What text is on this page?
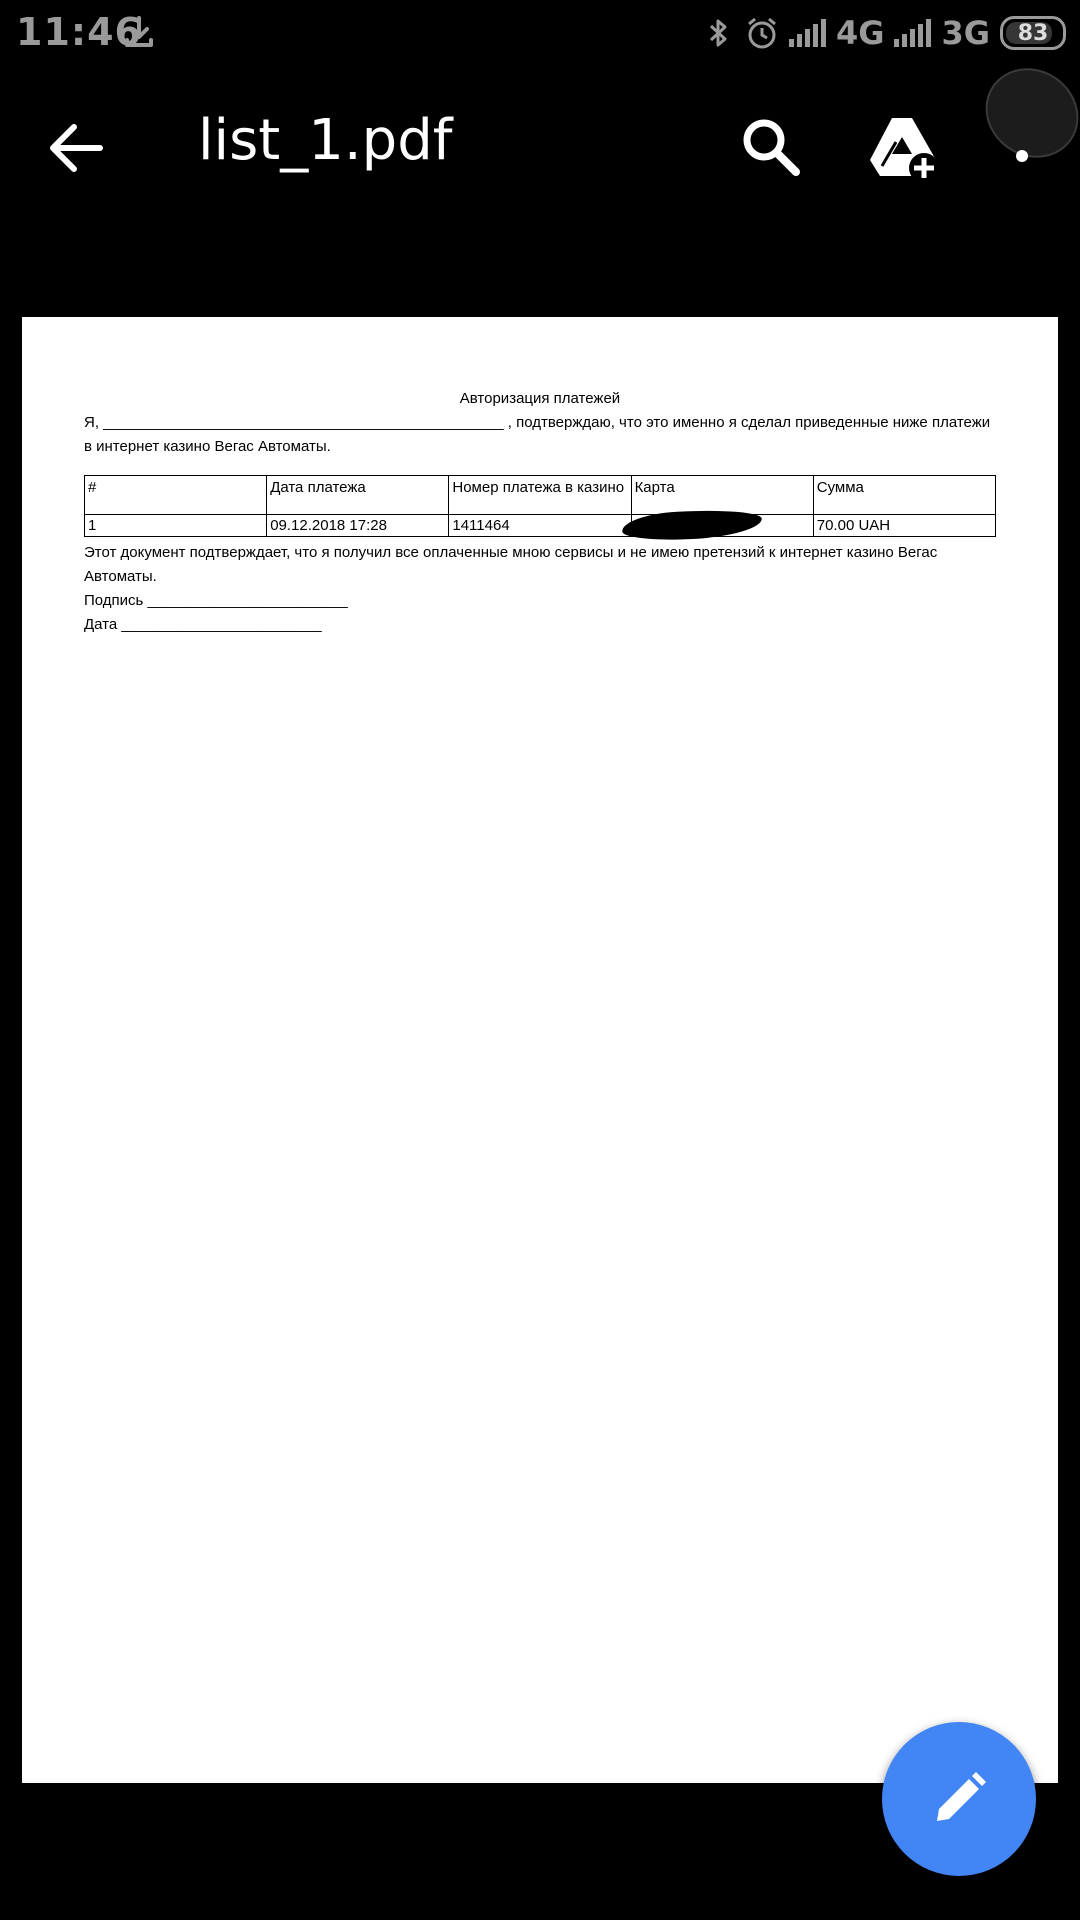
11:46	4G 3G 83
list_1.pdf
Авторизация платежей
Я, ________________________________________________ , подтверждаю, что это именно я сделал приведенные ниже платежи
в интернет казино Вегас Автоматы.
#	Дата платежа	Номер платежа в казино	Карта	Сумма
1	09.12.2018 17:28	1411464		70.00 UAH
Этот документ подтверждает, что я получил все оплаченные мною сервисы и не имею претензий к интернет казино Вегас Автоматы.
Подпись ________________________
Дата ________________________
